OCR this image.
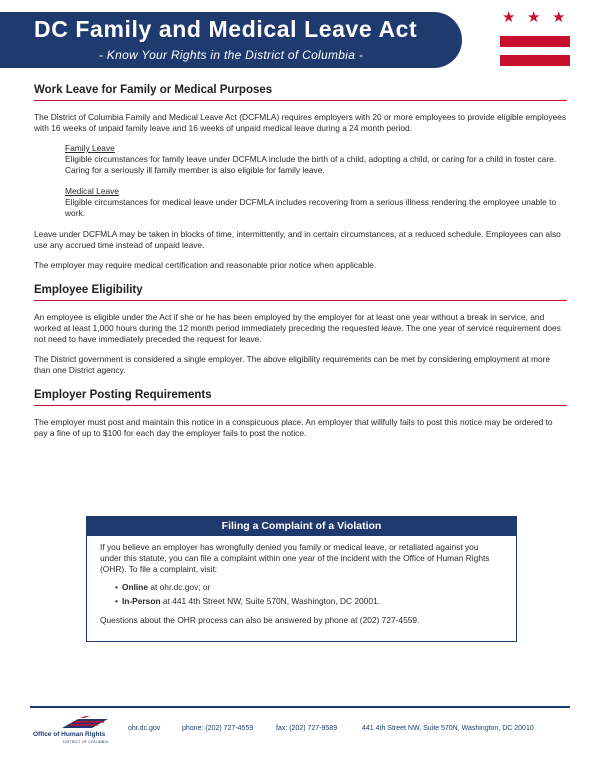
DC Family and Medical Leave Act
- Know Your Rights in the District of Columbia -
★ ★ ★
Work Leave for Family or Medical Purposes

The District of Columbia Family and Medical Leave Act (DCFMLA) requires employers with 20 or more employees to provide eligible employees with 16 weeks of unpaid family leave and 16 weeks of unpaid medical leave during a 24 month period.

Family Leave
Eligible circumstances for family leave under DCFMLA include the birth of a child, adopting a child, or caring for a child in foster care. Caring for a seriously ill family member is also eligible for family leave.
Medical Leave
Eligible circumstances for medical leave under DCFMLA includes recovering from a serious illness rendering the employee unable to work.

Leave under DCFMLA may be taken in blocks of time, intermittently, and in certain circumstances, at a reduced schedule. Employees can also use any accrued time instead of unpaid leave.

The employer may require medical certification and reasonable prior notice when applicable.

Employee Eligibility

An employee is eligible under the Act if she or he has been employed by the employer for at least one year without a break in service, and worked at least 1,000 hours during the 12 month period immediately preceding the requested leave. The one year of service requirement does not need to have immediately preceded the request for leave.

The District government is considered a single employer. The above eligibility requirements can be met by considering employment at more than one District agency.

Employer Posting Requirements

The employer must post and maintain this notice in a conspicuous place. An employer that willfully fails to post this notice may be ordered to pay a fine of up to $100 for each day the employer fails to post the notice.

Filing a Complaint of a Violation
If you believe an employer has wrongfully denied you family or medical leave, or retaliated against you under this statute, you can file a complaint within one year of the incident with the Office of Human Rights (OHR). To file a complaint, visit:
• Online at ohr.dc.gov; or
• In-Person at 441 4th Street NW, Suite 570N, Washington, DC 20001.
Questions about the OHR process can also be answered by phone at (202) 727-4559.
Office of Human Rights
DISTRICT OF COLUMBIA
ohr.dc.gov	phone: (202) 727-4559	fax: (202) 727-9589	441 4th Street NW, Suite 570N, Washington, DC 20010
